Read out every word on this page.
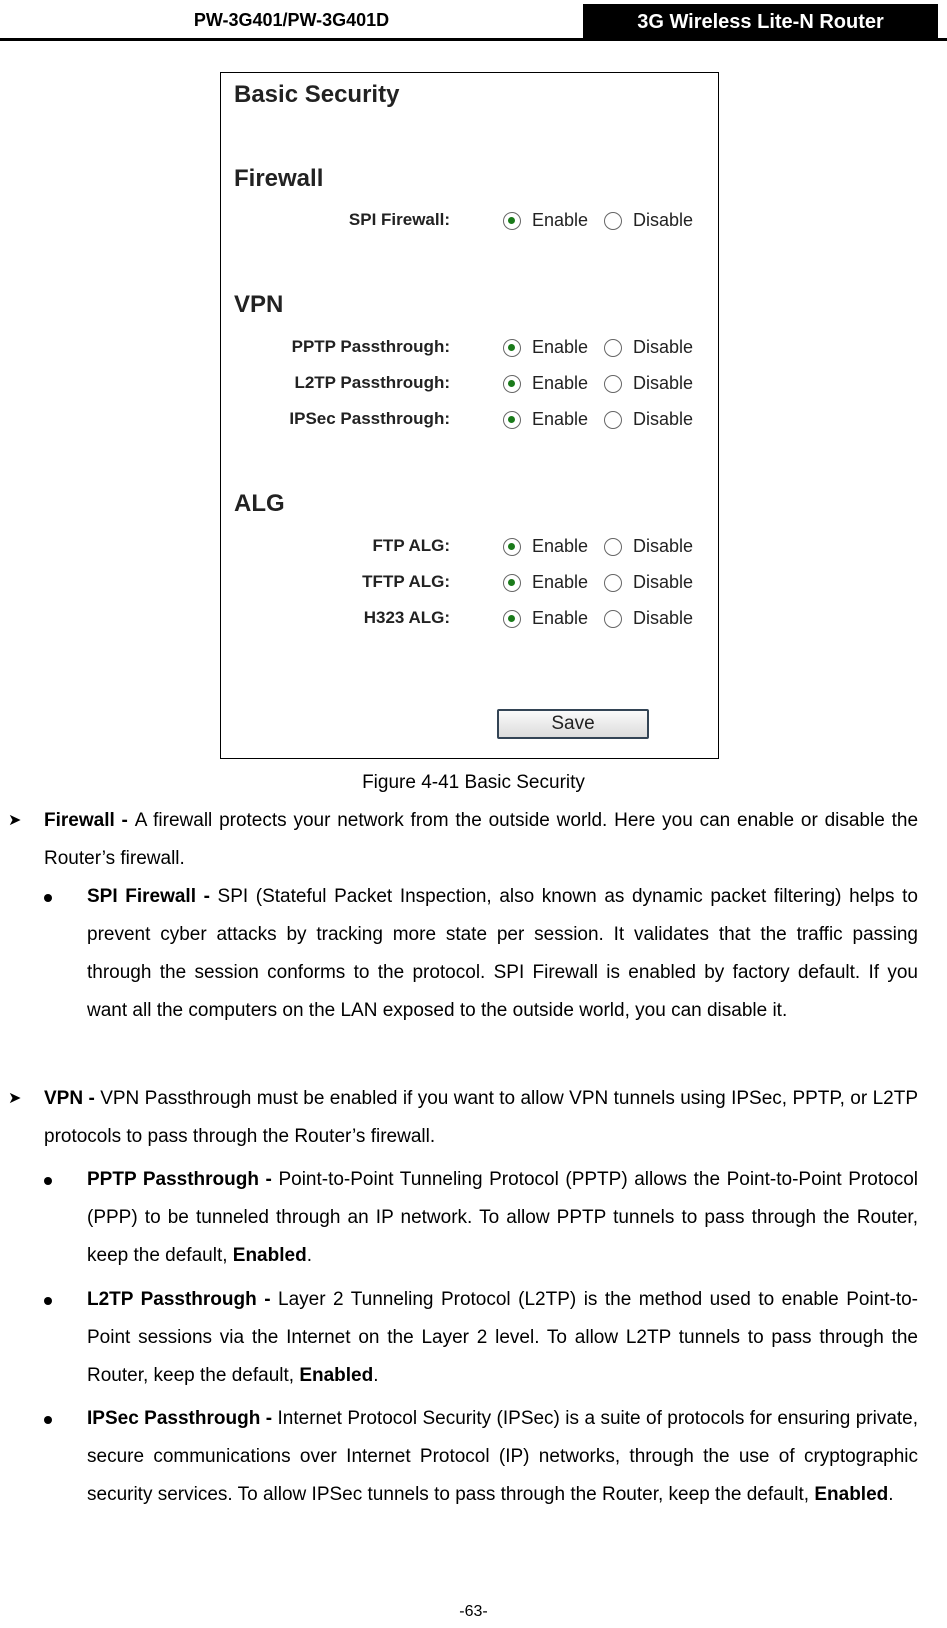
PW-3G401/PW-3G401D	3G Wireless Lite-N Router
Basic Security
Firewall
SPI Firewall:	Enable Disable
VPN
PPTP Passthrough:	Enable Disable
L2TP Passthrough:	Enable Disable
IPSec Passthrough:	Enable Disable
ALG
FTP ALG:	Enable Disable
TFTP ALG:	Enable Disable
H323 ALG:	Enable Disable
Save
Figure 4-41 Basic Security
➤ Firewall - A firewall protects your network from the outside world. Here you can enable or disable the Router’s firewall.
SPI Firewall - SPI (Stateful Packet Inspection, also known as dynamic packet filtering) helps to prevent cyber attacks by tracking more state per session. It validates that the traffic passing through the session conforms to the protocol. SPI Firewall is enabled by factory default. If you want all the computers on the LAN exposed to the outside world, you can disable it.
➤ VPN - VPN Passthrough must be enabled if you want to allow VPN tunnels using IPSec, PPTP, or L2TP protocols to pass through the Router’s firewall.
PPTP Passthrough - Point-to-Point Tunneling Protocol (PPTP) allows the Point-to-Point Protocol (PPP) to be tunneled through an IP network. To allow PPTP tunnels to pass through the Router, keep the default, Enabled.
L2TP Passthrough - Layer 2 Tunneling Protocol (L2TP) is the method used to enable Point-to-Point sessions via the Internet on the Layer 2 level. To allow L2TP tunnels to pass through the Router, keep the default, Enabled.
IPSec Passthrough - Internet Protocol Security (IPSec) is a suite of protocols for ensuring private, secure communications over Internet Protocol (IP) networks, through the use of cryptographic security services. To allow IPSec tunnels to pass through the Router, keep the default, Enabled.
-63-
